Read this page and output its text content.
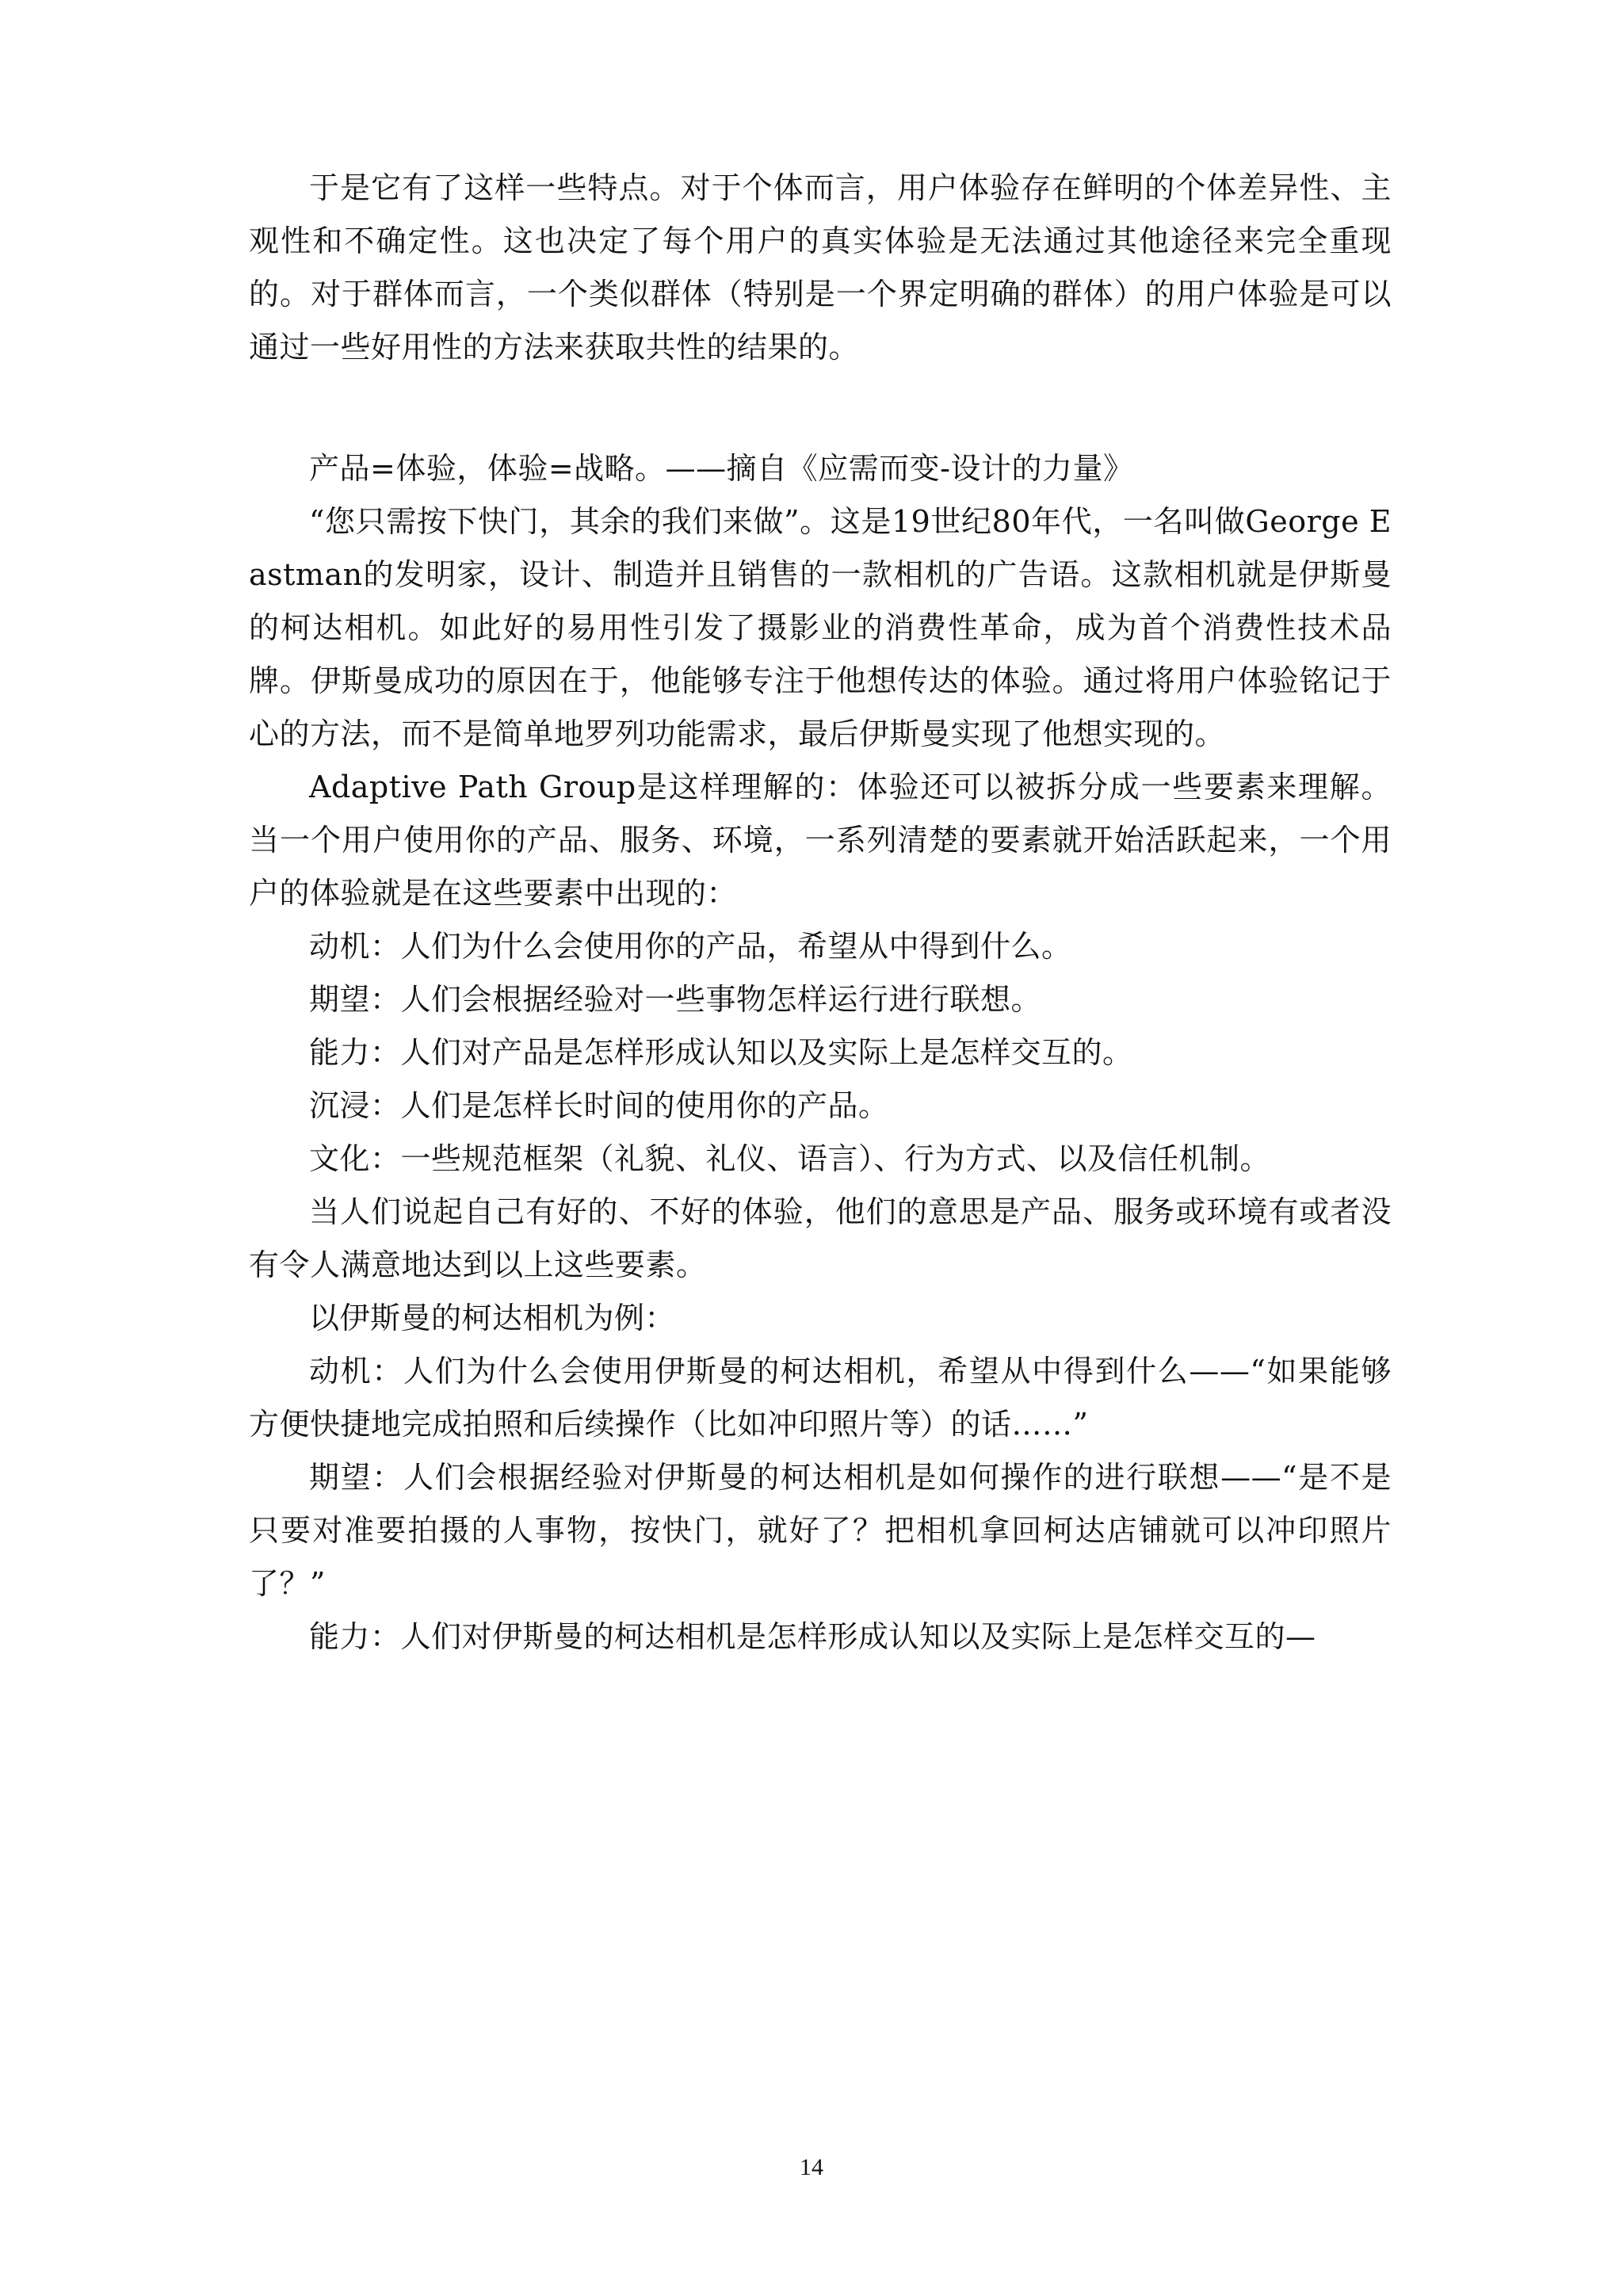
于是它有了这样一些特点。对于个体而言，用户体验存在鲜明的个体差异性、主观性和不确定性。这也决定了每个用户的真实体验是无法通过其他途径来完全重现的。对于群体而言，一个类似群体（特别是一个界定明确的群体）的用户体验是可以通过一些好用性的方法来获取共性的结果的。

产品=体验，体验=战略。——摘自《应需而变-设计的力量》

“您只需按下快门，其余的我们来做”。这是19世纪80年代，一名叫做George Eastman的发明家，设计、制造并且销售的一款相机的广告语。这款相机就是伊斯曼的柯达相机。如此好的易用性引发了摄影业的消费性革命，成为首个消费性技术品牌。伊斯曼成功的原因在于，他能够专注于他想传达的体验。通过将用户体验铭记于心的方法，而不是简单地罗列功能需求，最后伊斯曼实现了他想实现的。

Adaptive Path Group是这样理解的：体验还可以被拆分成一些要素来理解。当一个用户使用你的产品、服务、环境，一系列清楚的要素就开始活跃起来，一个用户的体验就是在这些要素中出现的：

动机：人们为什么会使用你的产品，希望从中得到什么。

期望：人们会根据经验对一些事物怎样运行进行联想。

能力：人们对产品是怎样形成认知以及实际上是怎样交互的。

沉浸：人们是怎样长时间的使用你的产品。

文化：一些规范框架（礼貌、礼仪、语言）、行为方式、以及信任机制。

当人们说起自己有好的、不好的体验，他们的意思是产品、服务或环境有或者没有令人满意地达到以上这些要素。

以伊斯曼的柯达相机为例：

动机：人们为什么会使用伊斯曼的柯达相机，希望从中得到什么——“如果能够方便快捷地完成拍照和后续操作（比如冲印照片等）的话……”

期望：人们会根据经验对伊斯曼的柯达相机是如何操作的进行联想——“是不是只要对准要拍摄的人事物，按快门，就好了？把相机拿回柯达店铺就可以冲印照片了？”

能力：人们对伊斯曼的柯达相机是怎样形成认知以及实际上是怎样交互的—

14
